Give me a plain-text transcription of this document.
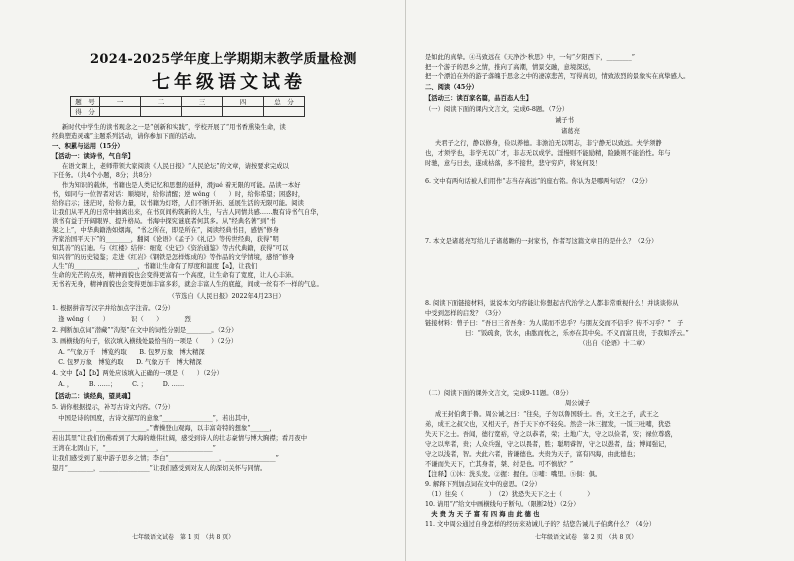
2024-2025学年度上学期期末教学质量检测
七年级语文试卷
题　号	一	二	三	四	总　分
得　分					
新时代中学生的读书观念之一是“创新和实践”，学校开展了“用书香熏染生命，读
经典塑造灵魂”主题系列活动，请你参加下面的活动。
一、积累与运用（15分）
【活动一：读诗书，气自华】
在语文课上，老师带领大家阅读《人民日报》“人民论坛”的文章，请按要求完成以
下任务。（共4个小题，8分；共8分）
作为知识的载体，书籍也是人类记忆和思想的延伸，滑jué 着无限的可能。品读一本好
书，如同与一位智者对话：顺境时，给你清醒；逆 wěng（　　）时，给你希望；困惑时，
给你启示；迷茫时，给你力量，以书籍为灯塔，人们不断开拓、延展生活的无限可能。阅读
让我们从平凡的日常中抽离出来，在书页间构筑新的人生，与古人同情共感……腹有诗书气自华，
读书有益于开阔眼界、提升格局。书海中探究谜底者何其多。从“经典名著”到“书
架之上”，中华典籍浩如烟海，“书之所在，即是所在”，阅读经典书目，感悟“修身
齐家治国平天下”的________，翻阅《论语》《孟子》《礼记》等传世经典，获得“明
知其善”的启迪。与《红楼》结伴：细览《史记》《资治通鉴》等古代典籍，获得“可以
知兴替”的历史镜鉴；走进《红岩》《钢铁是怎样炼成的》等作品的文学情境，感悟“修身
人生”的____________________，书籍让生命有了厚度和温度【a】，让我们
生命的光芒的点亮，精神面貌也会变得更富有一个高度，让生命有了宽度，让人心丰沛。
无书若无身，精神面貌也会变得更加丰富多彩，就会丰富人生的底蕴，间或一丝有不一样的气息。
　　　　　　　　　　　　　　　　　　　（节选自《人民日报》2022年4月23日）
1. 根据拼音写汉字并给加点字注音。（2分）
　逢 wěng（　　）　　　　识（　　）　　　　烈
2. 判断加点词“潜藏”“沟渠”在文中的词性分别是________。（2分）
3. 画横线的句子，依次填入横线处最恰当的一项是（　　）（2分）
　A. “气象万千　博览约取　　B. 包罗万象　博大精深
　C. 包罗万象　博览约取　　D. 气象万千　博大精深
4. 文中【a】【b】两处应该填入正确的一项是（　　）（2分）
　A. ，　　　B. ……；　　　C. ；　　　D. ……
【活动二：谈经典，望灵魂】
5. 请你根据提示，补写古诗文内容。（7分）
　中国是诗的国度，古诗文描写的意象“________________”，若出其中，
____________，________________。”曹操登山观海，以丰富奇特的想象“______，
若出其里”让我们仿佛看到了大海的雄伟壮阔，感受到诗人的壮志豪情与博大胸襟；看月夜中
王湾在北固山下，“________________，________________”
让我们感受到了旅中游子思乡之情；李白“________________，________________”
望月“________，________________”让我们感受到对友人的深切关怀与同情。
七年级语文试卷　第 1 页　（共 8 页）
是如此的真挚。④马致远在《天净沙·秋思》中，一句“夕阳西下，________”
把一个游子的思乡之情，推向了高潮，情景交融，意境深远，
把一个漂泊在外的游子落魄于思念之中的凄凉悲苦，写得真切，情致浓烈的景象实在真挚感人。
二、阅读（45分）
【活动三：读百家名篇，品百态人生】
（一）阅读下面的课内文言文，完成6-8题。（7分）
诫子书
诸葛亮
夫君子之行，静以修身，俭以养德。非澹泊无以明志，非宁静无以致远。夫学须静
也，才须学也，非学无以广才，非志无以成学。淫慢则不能励精，险躁则不能治性。年与
时驰，意与日去，遂成枯落，多不接世，悲守穷庐，将复何及！
6. 文中有两句话被人们用作“志当存高远”的座右铭。你认为是哪两句话？（2分）
7. 本文是诸葛亮写给儿子诸葛瞻的一封家书，作者写这篇文章目的是什么？（2分）
8. 阅读下面链接材料，说说本文内容能让你想起古代治学之人都非常重视什么！并谈谈你从
中受到怎样的启发？（3分）
链接材料：曾子曰：“吾日三省吾身：为人谋而不忠乎？与朋友交而不信乎？传不习乎？”　子
曰：“饭疏食，饮水，曲肱而枕之，乐亦在其中矣。不义而富且贵，于我如浮云。”
　　　　　　　　　　　　　　　　　　　　　　　　　（出自《论语》十二章）
（二）阅读下面的课外文言文，完成9-11题。（8分）
周公诫子
成王封伯禽于鲁。周公诫之曰：“往矣，子勿以鲁国骄士。吾，文王之子，武王之
弟，成王之叔父也，又相天子，吾于天下亦不轻矣。然尝一沐三握发，一饭三吐哺，犹恐
失天下之士。吾闻，德行宽裕，守之以恭者，荣；土地广大，守之以俭者，安；禄位尊盛，
守之以卑者，贵；人众兵强，守之以畏者，胜；聪明睿智，守之以愚者，益；博闻强记，
守之以浅者，智。夫此六者，皆谦德也。夫贵为天子，富有四海，由此德也；
不谦而失天下，亡其身者，桀、纣是也。可不慎欤？”
【注释】①沐：洗头发。②握：握住。③哺：嘴里。⑤俱：俱。
9. 解释下列加点词在文中的意思。（2分）
　（1）往矣（　　　　）　（2）犹恐失天下之士（　　　　）
10. 请用“/”给文中画横线句子断句。（限断2处）（2分）
　夫 贵 为 天 子 富 有 四 海 由 此 德 也
11. 文中周公通过自身怎样的经历来劝诫儿子的？结您告诫儿子伯禽什么？（4分）
七年级语文试卷　第 2 页　（共 8 页）
